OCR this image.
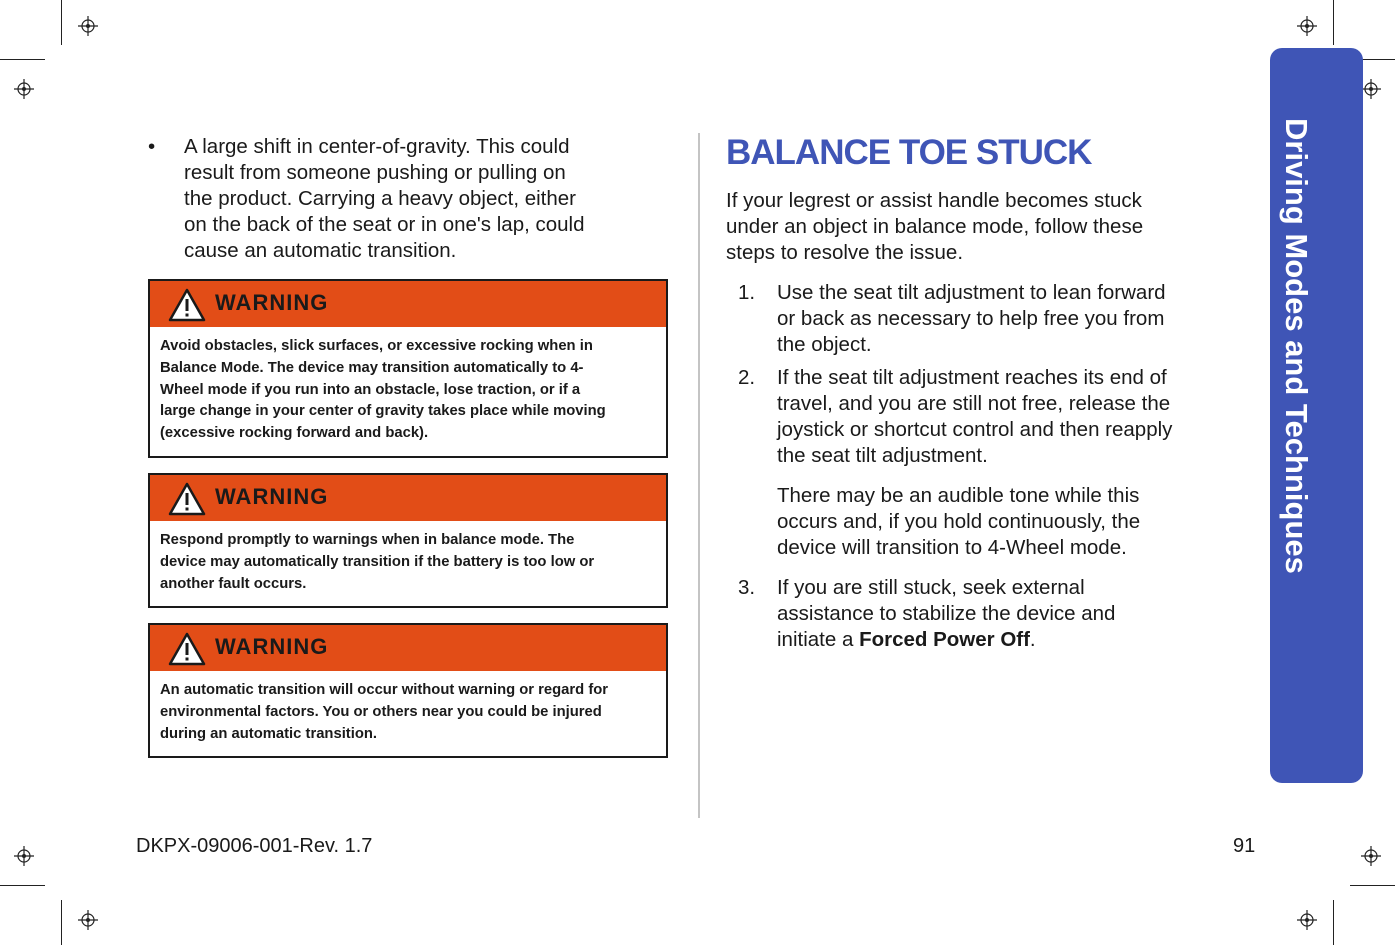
Driving Modes and Techniques
• A large shift in center-of-gravity. This could
result from someone pushing or pulling on
the product. Carrying a heavy object, either
on the back of the seat or in one's lap, could
cause an automatic transition.
WARNING
Avoid obstacles, slick surfaces, or excessive rocking when in
Balance Mode. The device may transition automatically to 4-
Wheel mode if you run into an obstacle, lose traction, or if a
large change in your center of gravity takes place while moving
(excessive rocking forward and back).
WARNING
Respond promptly to warnings when in balance mode. The
device may automatically transition if the battery is too low or
another fault occurs.
WARNING
An automatic transition will occur without warning or regard for
environmental factors. You or others near you could be injured
during an automatic transition.
BALANCE TOE STUCK
If your legrest or assist handle becomes stuck
under an object in balance mode, follow these
steps to resolve the issue.
1. Use the seat tilt adjustment to lean forward
or back as necessary to help free you from
the object.
2. If the seat tilt adjustment reaches its end of
travel, and you are still not free, release the
joystick or shortcut control and then reapply
the seat tilt adjustment.
There may be an audible tone while this
occurs and, if you hold continuously, the
device will transition to 4-Wheel mode.
3. If you are still stuck, seek external
assistance to stabilize the device and
initiate a Forced Power Off.
DKPX-09006-001-Rev. 1.7	91
